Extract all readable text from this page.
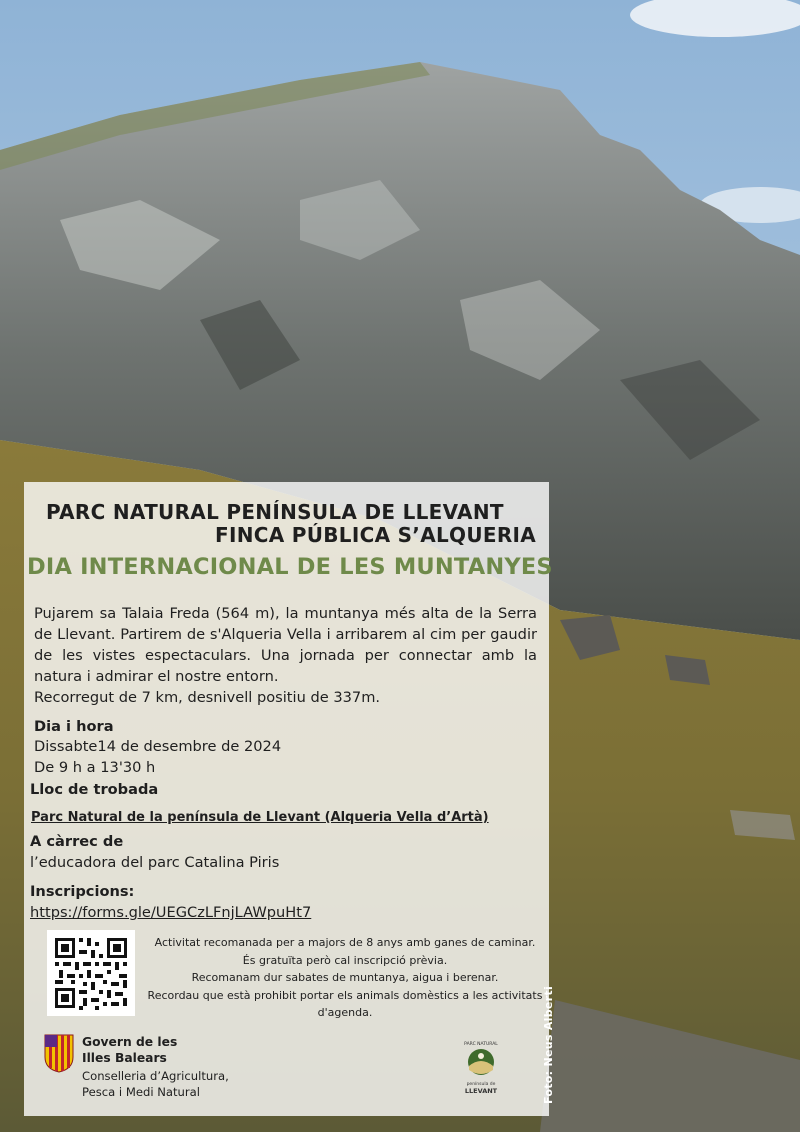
PARC NATURAL PENÍNSULA DE LLEVANT
FINCA PÚBLICA S’ALQUERIA
DIA INTERNACIONAL DE LES MUNTANYES
Pujarem sa Talaia Freda (564 m), la muntanya més alta de la Serra de Llevant. Partirem de s'Alqueria Vella i arribarem al cim per gaudir de les vistes espectaculars. Una jornada per connectar amb la natura i admirar el nostre entorn.
Recorregut de 7 km, desnivell positiu de 337m.
Dia i hora
Dissabte14 de desembre de 2024
De 9 h a 13'30 h
Lloc de trobada
Parc Natural de la península de Llevant (Alqueria Vella d’Artà)
A càrrec de
l’educadora del parc Catalina Piris
Inscripcions:
https://forms.gle/UEGCzLFnjLAWpuHt7
Activitat recomanada per a majors de 8 anys amb ganes de caminar.
És gratuïta però cal inscripció prèvia.
Recomanam dur sabates de muntanya, aigua i berenar.
Recordau que està prohibit portar els animals domèstics a les activitats d'agenda.
Govern de les
Illes Balears
Conselleria d’Agricultura,
Pesca i Medi Natural
PARC NATURAL
península de
LLEVANT	Foto: Neus Alberti
